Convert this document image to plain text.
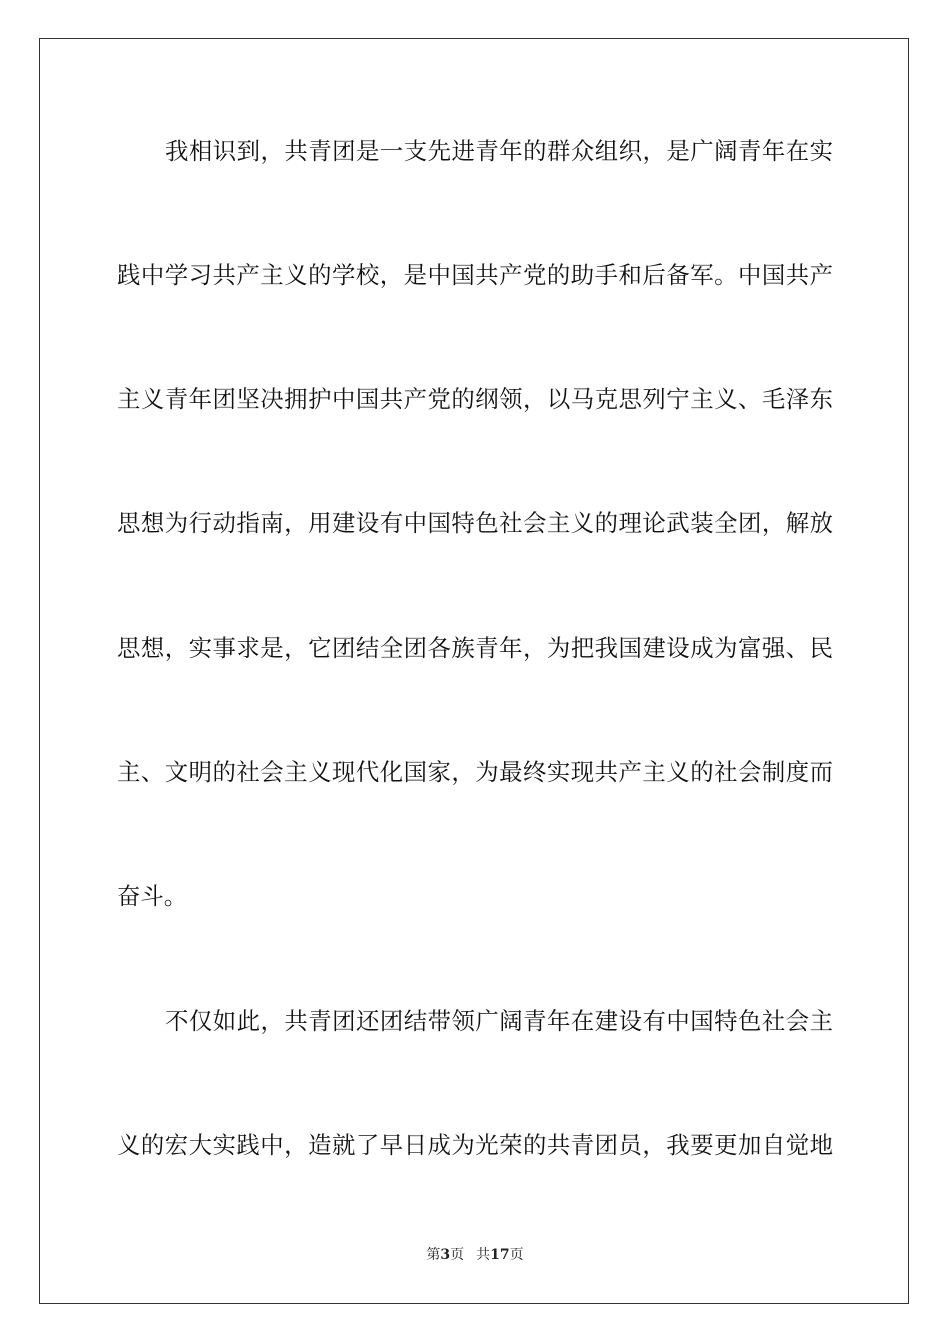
我相识到，共青团是一支先进青年的群众组织，是广阔青年在实
践中学习共产主义的学校，是中国共产党的助手和后备军。中国共产
主义青年团坚决拥护中国共产党的纲领，以马克思列宁主义、毛泽东
思想为行动指南，用建设有中国特色社会主义的理论武装全团，解放
思想，实事求是，它团结全团各族青年，为把我国建设成为富强、民
主、文明的社会主义现代化国家，为最终实现共产主义的社会制度而
奋斗。
不仅如此，共青团还团结带领广阔青年在建设有中国特色社会主
义的宏大实践中，造就了早日成为光荣的共青团员，我要更加自觉地
第3页 共17页
